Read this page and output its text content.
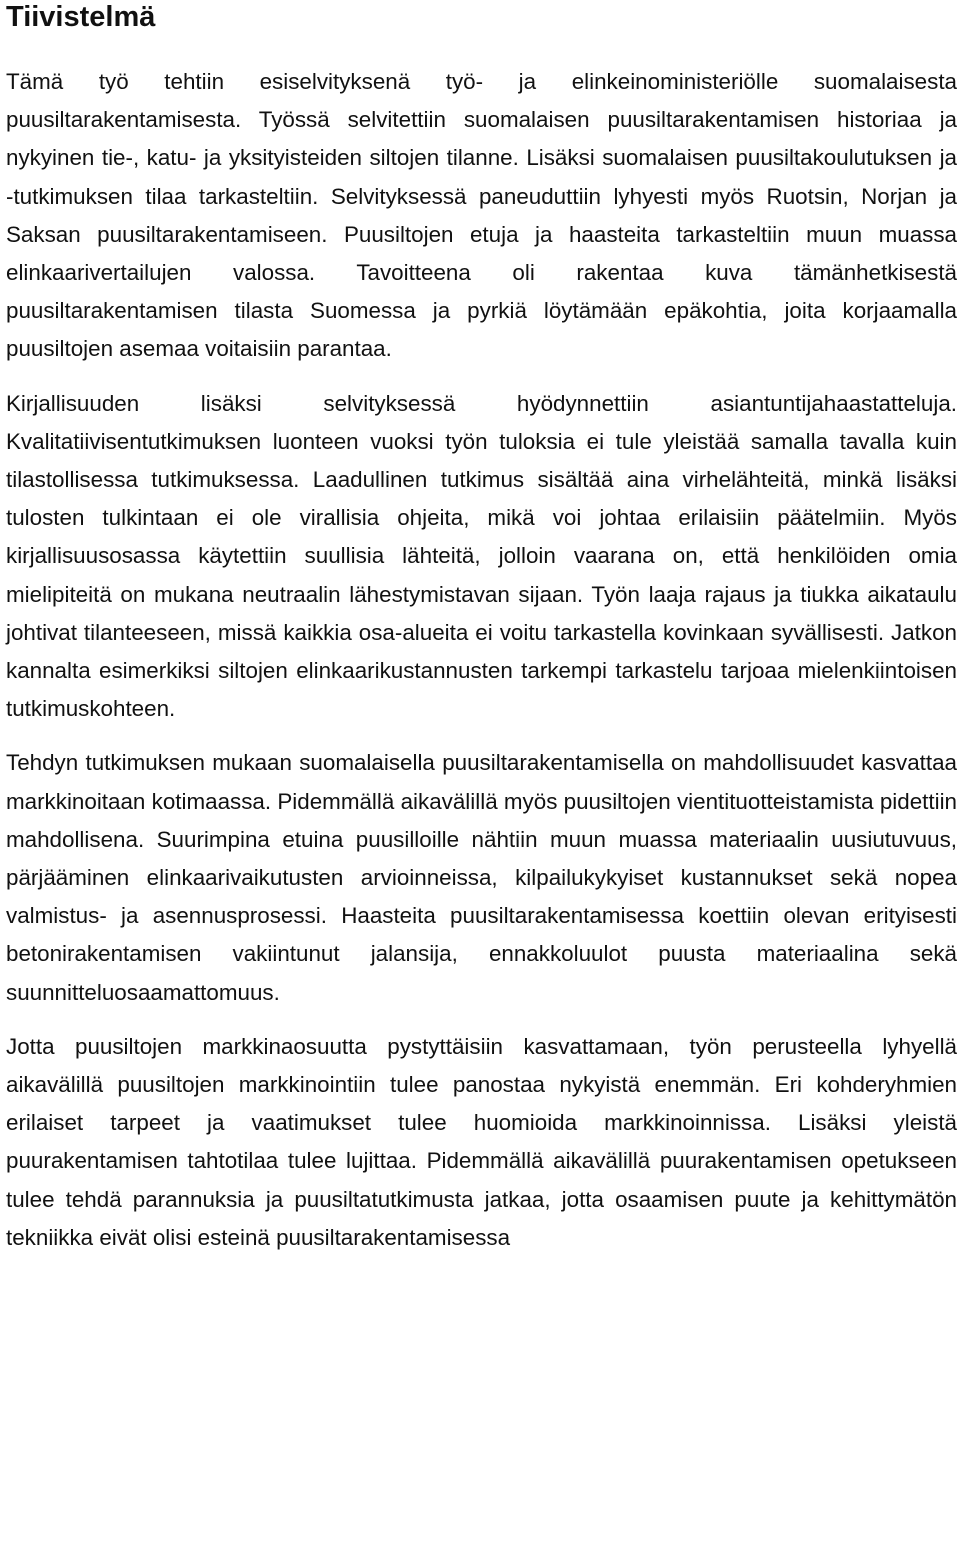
Tiivistelmä

Tämä työ tehtiin esiselvityksenä työ- ja elinkeinoministeriölle suomalaisesta puusiltarakentamisesta. Työssä selvitettiin suomalaisen puusiltarakentamisen historiaa ja nykyinen tie-, katu- ja yksityisteiden siltojen tilanne. Lisäksi suomalaisen puusiltakoulutuksen ja -tutkimuksen tilaa tarkasteltiin. Selvityksessä paneuduttiin lyhyesti myös Ruotsin, Norjan ja Saksan puusiltarakentamiseen. Puusiltojen etuja ja haasteita tarkasteltiin muun muassa elinkaarivertailujen valossa. Tavoitteena oli rakentaa kuva tämänhetkisestä puusiltarakentamisen tilasta Suomessa ja pyrkiä löytämään epäkohtia, joita korjaamalla puusiltojen asemaa voitaisiin parantaa.

Kirjallisuuden lisäksi selvityksessä hyödynnettiin asiantuntijahaastatteluja. Kvalitatiivisentutkimuksen luonteen vuoksi työn tuloksia ei tule yleistää samalla tavalla kuin tilastollisessa tutkimuksessa. Laadullinen tutkimus sisältää aina virhelähteitä, minkä lisäksi tulosten tulkintaan ei ole virallisia ohjeita, mikä voi johtaa erilaisiin päätelmiin. Myös kirjallisuusosassa käytettiin suullisia lähteitä, jolloin vaarana on, että henkilöiden omia mielipiteitä on mukana neutraalin lähestymistavan sijaan. Työn laaja rajaus ja tiukka aikataulu johtivat tilanteeseen, missä kaikkia osa-alueita ei voitu tarkastella kovinkaan syvällisesti. Jatkon kannalta esimerkiksi siltojen elinkaarikustannusten tarkempi tarkastelu tarjoaa mielenkiintoisen tutkimuskohteen.

Tehdyn tutkimuksen mukaan suomalaisella puusiltarakentamisella on mahdollisuudet kasvattaa markkinoitaan kotimaassa. Pidemmällä aikavälillä myös puusiltojen vientituotteistamista pidettiin mahdollisena. Suurimpina etuina puusilloille nähtiin muun muassa materiaalin uusiutuvuus, pärjääminen elinkaarivaikutusten arvioinneissa, kilpailukykyiset kustannukset sekä nopea valmistus- ja asennusprosessi. Haasteita puusiltarakentamisessa koettiin olevan erityisesti betonirakentamisen vakiintunut jalansija, ennakkoluulot puusta materiaalina sekä suunnitteluosaamattomuus.

Jotta puusiltojen markkinaosuutta pystyttäisiin kasvattamaan, työn perusteella lyhyellä aikavälillä puusiltojen markkinointiin tulee panostaa nykyistä enemmän. Eri kohderyhmien erilaiset tarpeet ja vaatimukset tulee huomioida markkinoinnissa. Lisäksi yleistä puurakentamisen tahtotilaa tulee lujittaa. Pidemmällä aikavälillä puurakentamisen opetukseen tulee tehdä parannuksia ja puusiltatutkimusta jatkaa, jotta osaamisen puute ja kehittymätön tekniikka eivät olisi esteinä puusiltarakentamisessa
